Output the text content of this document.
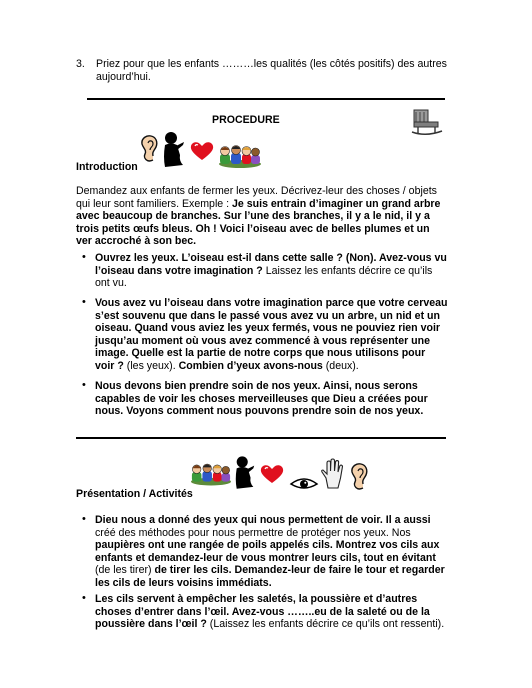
3. Priez pour que les enfants ………les qualités (les côtés positifs) des autres
aujourd’hui.
PROCEDURE
Introduction
Demandez aux enfants de fermer les yeux. Décrivez-leur des choses / objets
qui leur sont familiers. Exemple : Je suis entrain d’imaginer un grand arbre
avec beaucoup de branches. Sur l’une des branches, il y a le nid, il y a
trois petits œufs bleus. Oh ! Voici l’oiseau avec de belles plumes et un
ver accroché à son bec.
• Ouvrez les yeux. L’oiseau est-il dans cette salle ? (Non). Avez-vous vu
l’oiseau dans votre imagination ? Laissez les enfants décrire ce qu’ils
ont vu.
• Vous avez vu l’oiseau dans votre imagination parce que votre cerveau
s’est souvenu que dans le passé vous avez vu un arbre, un nid et un
oiseau. Quand vous aviez les yeux fermés, vous ne pouviez rien voir
jusqu’au moment où vous avez commencé à vous représenter une
image. Quelle est la partie de notre corps que nous utilisons pour
voir ? (les yeux). Combien d’yeux avons-nous (deux).
• Nous devons bien prendre soin de nos yeux. Ainsi, nous serons
capables de voir les choses merveilleuses que Dieu a créées pour
nous. Voyons comment nous pouvons prendre soin de nos yeux.
Présentation / Activités
• Dieu nous a donné des yeux qui nous permettent de voir. Il a aussi
créé des méthodes pour nous permettre de protéger nos yeux. Nos
paupières ont une rangée de poils appelés cils. Montrez vos cils aux
enfants et demandez-leur de vous montrer leurs cils, tout en évitant
(de les tirer) de tirer les cils. Demandez-leur de faire le tour et regarder
les cils de leurs voisins immédiats.
• Les cils servent à empêcher les saletés, la poussière et d’autres
choses d’entrer dans l’œil. Avez-vous ……..eu de la saleté ou de la
poussière dans l’œil ? (Laissez les enfants décrire ce qu’ils ont ressenti).
